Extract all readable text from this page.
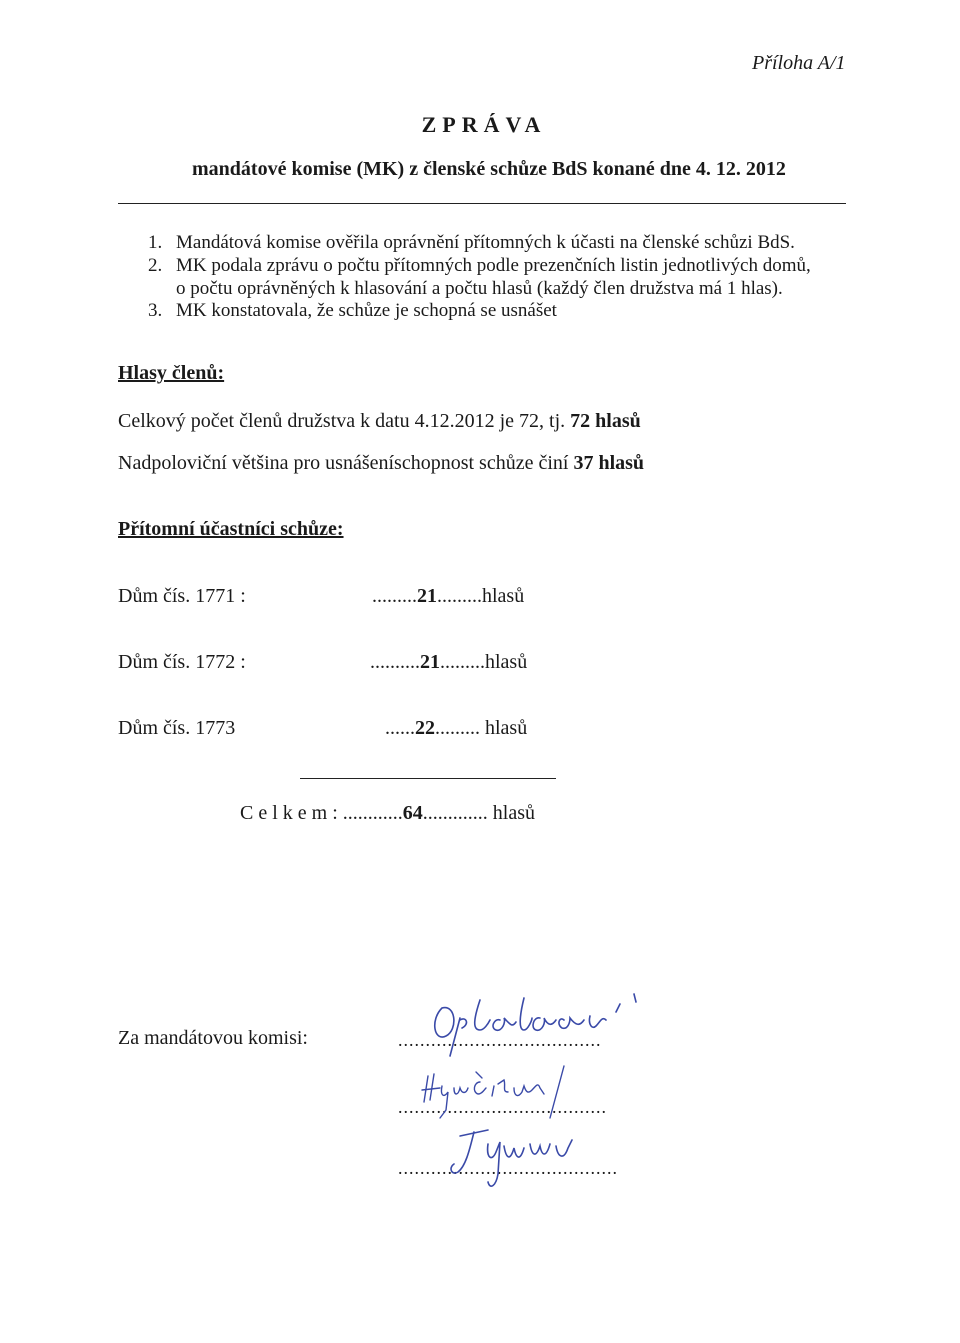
Příloha A/1
ZPRÁVA
mandátové komise (MK) z členské schůze BdS konané dne 4. 12. 2012
1. Mandátová komise ověřila oprávnění přítomných k účasti na členské schůzi BdS.
2. MK podala zprávu o počtu přítomných podle prezenčních listin jednotlivých domů,
o počtu oprávněných k hlasování a počtu hlasů (každý člen družstva má 1 hlas).
3. MK konstatovala, že schůze je schopná se usnášet
Hlasy členů:
Celkový počet členů družstva k datu 4.12.2012 je 72, tj. 72 hlasů
Nadpoloviční většina pro usnášeníschopnost schůze činí 37 hlasů
Přítomní účastníci schůze:
Dům čís. 1771 :	.........21.........hlasů
Dům čís. 1772 :	..........21.........hlasů
Dům čís. 1773	......22......... hlasů
C e l k e m : ............64............. hlasů
Za mandátovou komisi:	.....................................
......................................
........................................
